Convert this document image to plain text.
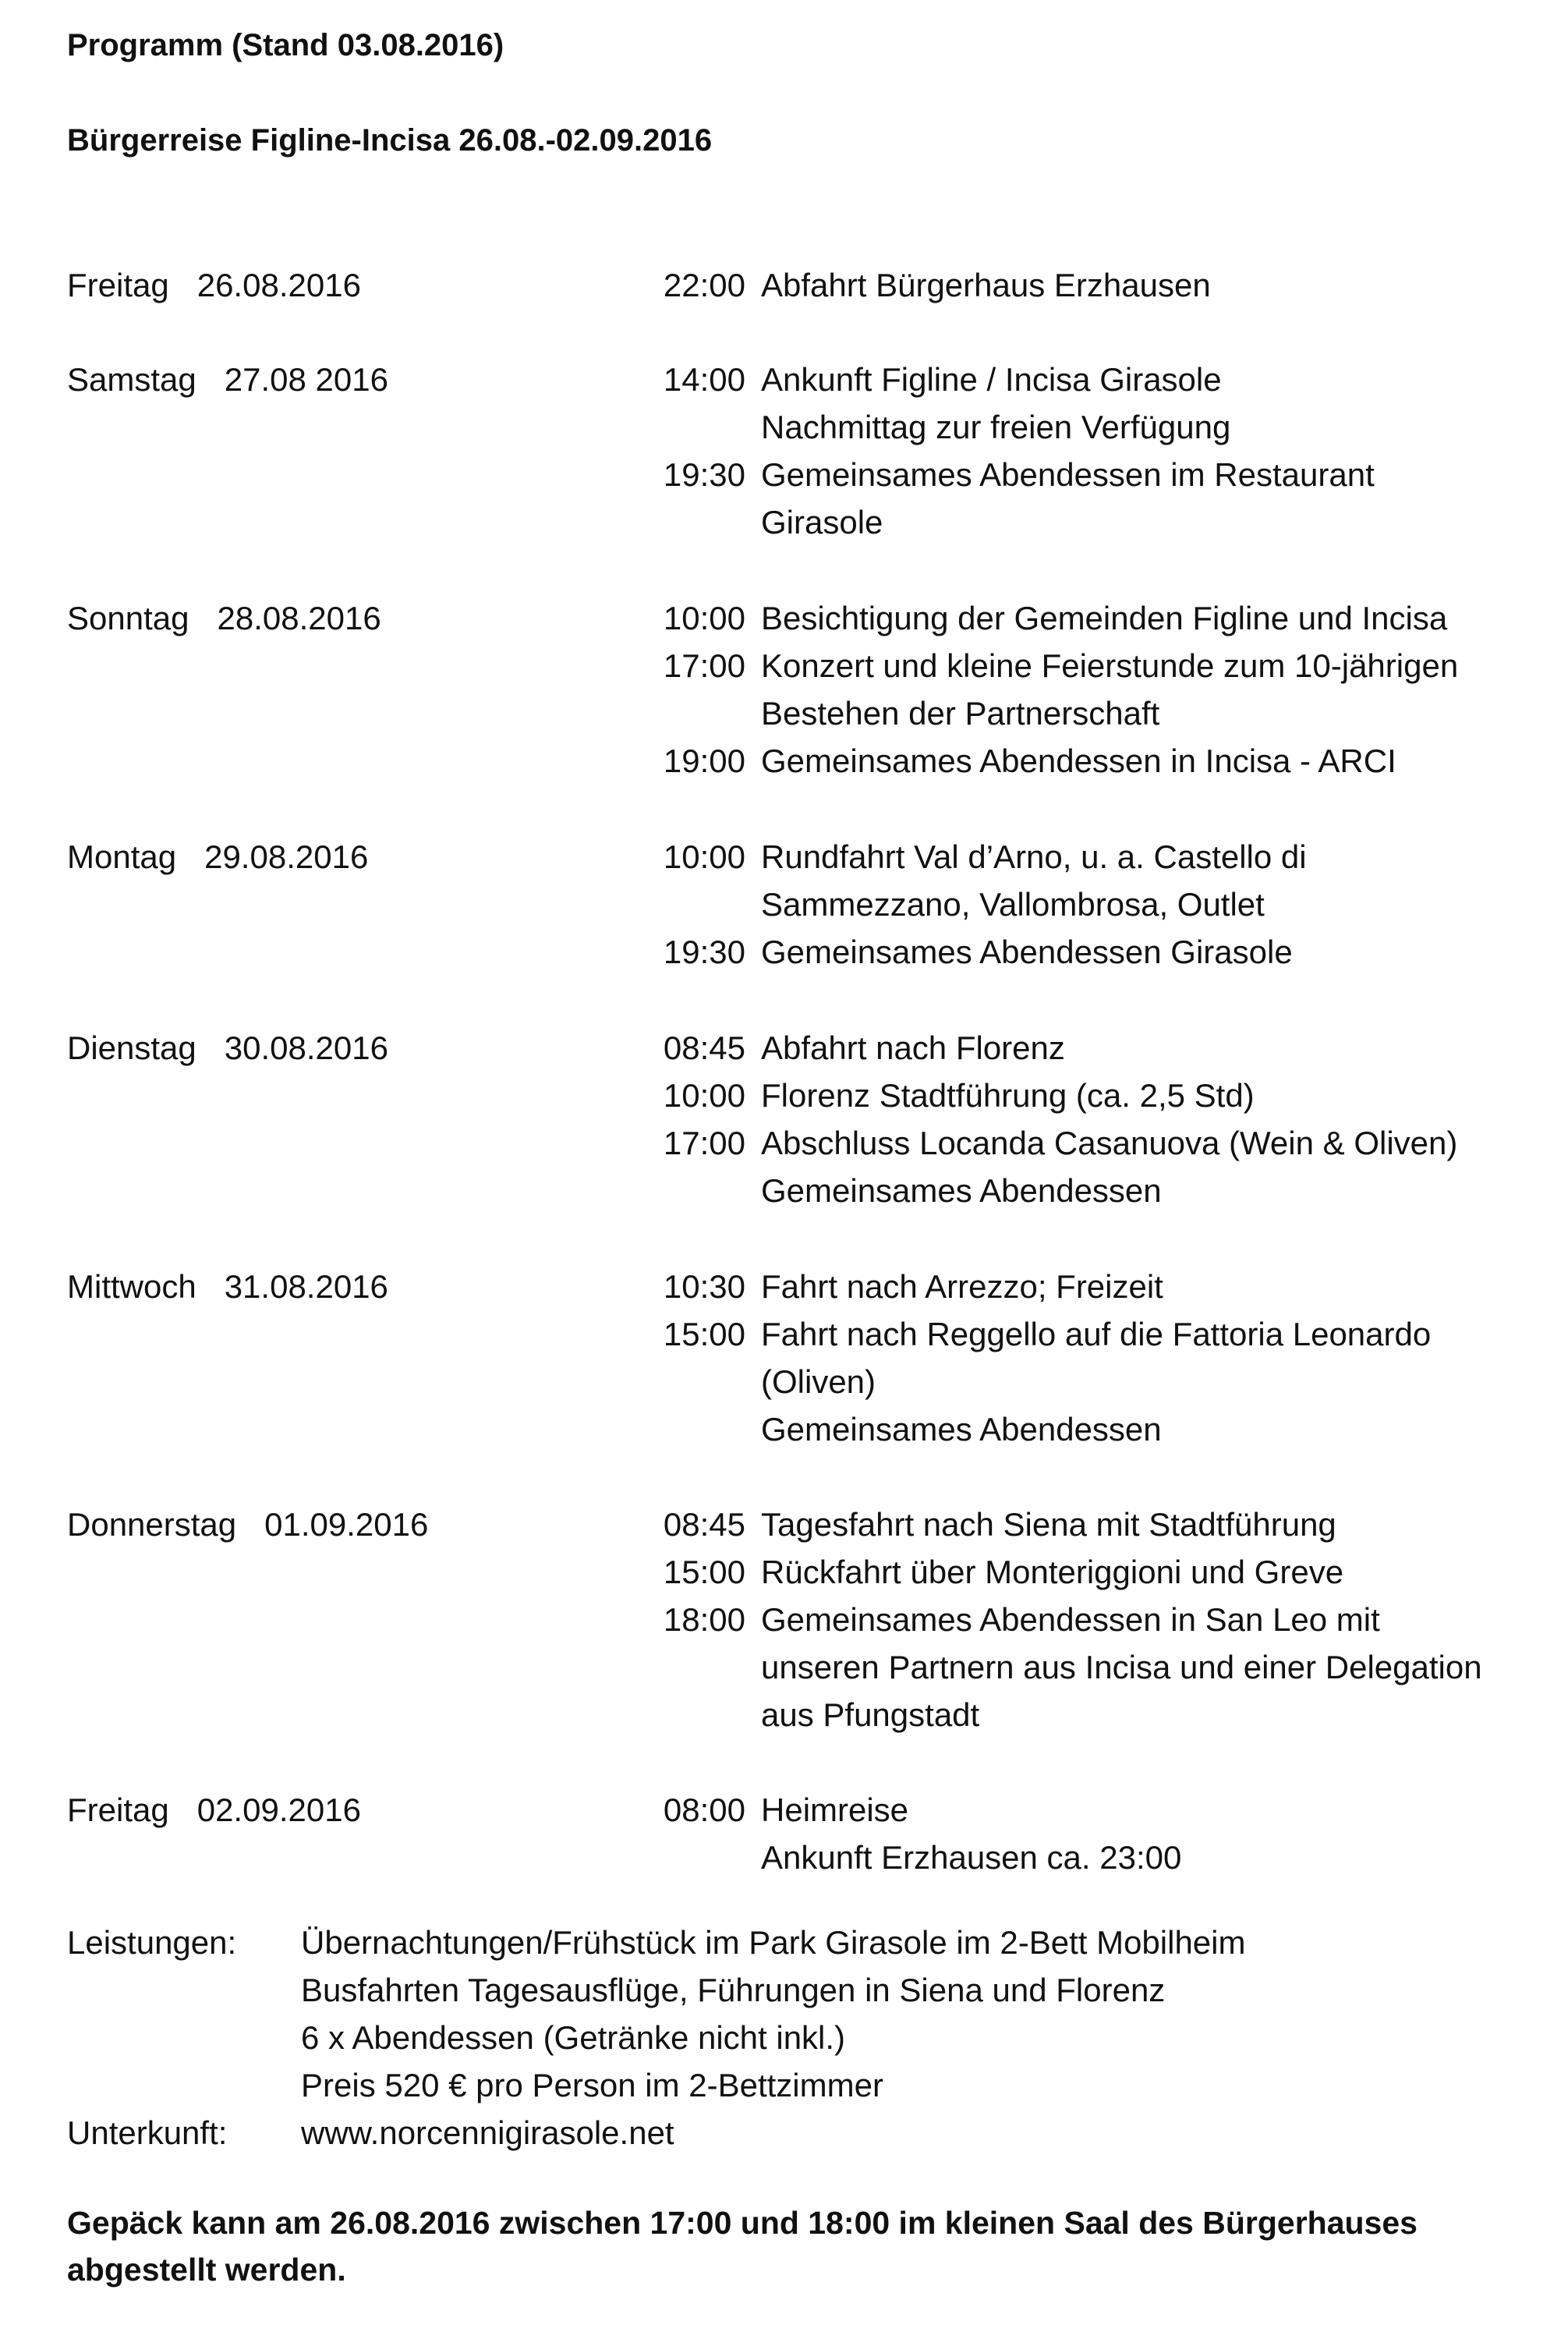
Programm (Stand 03.08.2016)
Bürgerreise Figline-Incisa 26.08.-02.09.2016
Freitag 26.08.2016	22:00 Abfahrt Bürgerhaus Erzhausen
Samstag 27.08 2016	14:00 Ankunft Figline / Incisa Girasole
Nachmittag zur freien Verfügung
19:30 Gemeinsames Abendessen im Restaurant
Girasole
Sonntag 28.08.2016	10:00 Besichtigung der Gemeinden Figline und Incisa
17:00 Konzert und kleine Feierstunde zum 10-jährigen
Bestehen der Partnerschaft
19:00 Gemeinsames Abendessen in Incisa - ARCI
Montag 29.08.2016	10:00 Rundfahrt Val d’Arno, u. a. Castello di
Sammezzano, Vallombrosa, Outlet
19:30 Gemeinsames Abendessen Girasole
Dienstag 30.08.2016	08:45 Abfahrt nach Florenz
10:00 Florenz Stadtführung (ca. 2,5 Std)
17:00 Abschluss Locanda Casanuova (Wein & Oliven)
Gemeinsames Abendessen
Mittwoch 31.08.2016	10:30 Fahrt nach Arrezzo; Freizeit
15:00 Fahrt nach Reggello auf die Fattoria Leonardo
(Oliven)
Gemeinsames Abendessen
Donnerstag 01.09.2016	08:45 Tagesfahrt nach Siena mit Stadtführung
15:00 Rückfahrt über Monteriggioni und Greve
18:00 Gemeinsames Abendessen in San Leo mit
unseren Partnern aus Incisa und einer Delegation
aus Pfungstadt
Freitag 02.09.2016	08:00 Heimreise
Ankunft Erzhausen ca. 23:00
Leistungen: Übernachtungen/Frühstück im Park Girasole im 2-Bett Mobilheim
Busfahrten Tagesausflüge, Führungen in Siena und Florenz
6 x Abendessen (Getränke nicht inkl.)
Preis 520 € pro Person im 2-Bettzimmer
Unterkunft: www.norcennigirasole.net
Gepäck kann am 26.08.2016 zwischen 17:00 und 18:00 im kleinen Saal des Bürgerhauses abgestellt werden.
